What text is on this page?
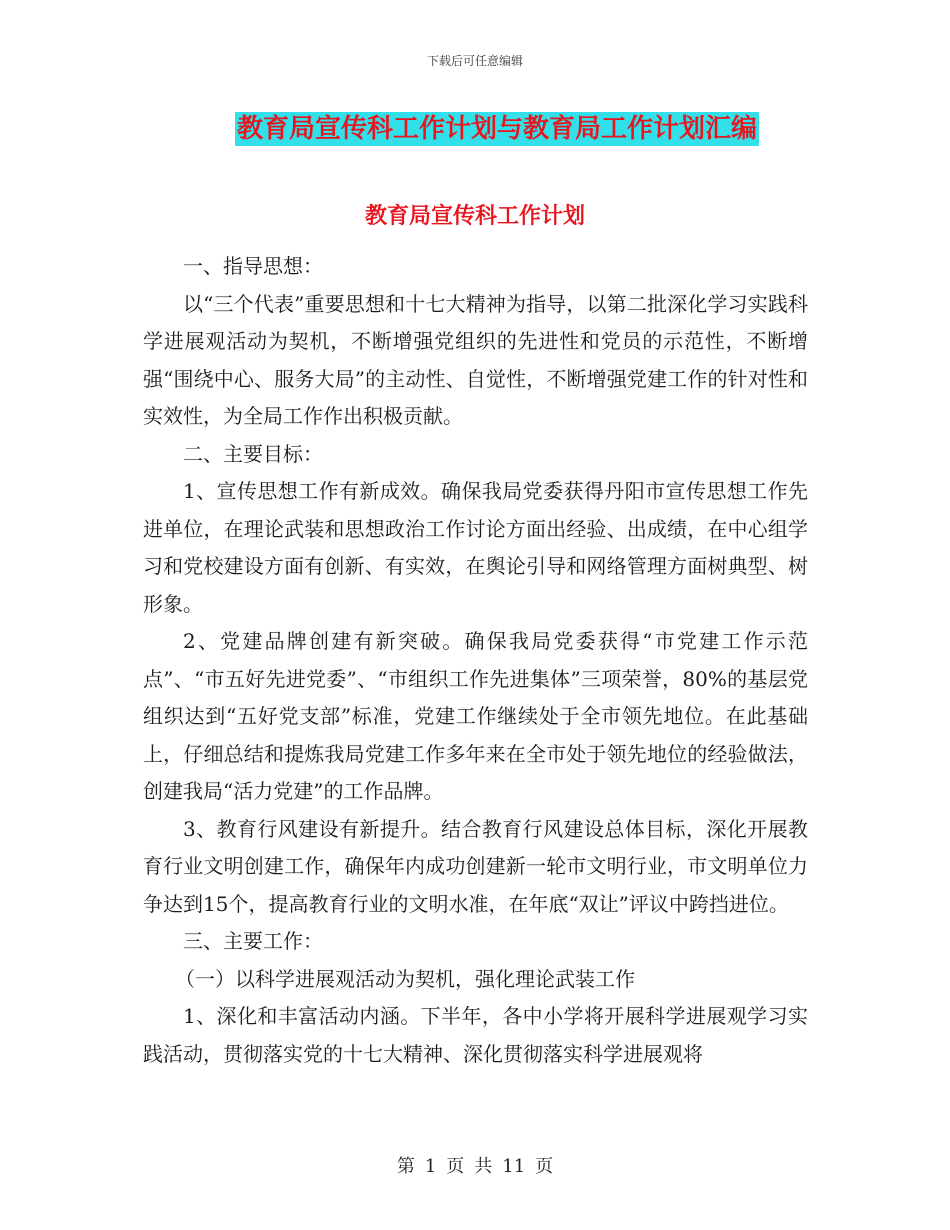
下载后可任意编辑
教育局宣传科工作计划与教育局工作计划汇编
教育局宣传科工作计划

一、指导思想：

以“三个代表”重要思想和十七大精神为指导，以第二批深化学习实践科学进展观活动为契机，不断增强党组织的先进性和党员的示范性，不断增强“围绕中心、服务大局”的主动性、自觉性，不断增强党建工作的针对性和实效性，为全局工作作出积极贡献。

二、主要目标：

1、宣传思想工作有新成效。确保我局党委获得丹阳市宣传思想工作先进单位，在理论武装和思想政治工作讨论方面出经验、出成绩，在中心组学习和党校建设方面有创新、有实效，在舆论引导和网络管理方面树典型、树形象。

2、党建品牌创建有新突破。确保我局党委获得“市党建工作示范点”、“市五好先进党委”、“市组织工作先进集体”三项荣誉，80%的基层党组织达到“五好党支部”标准，党建工作继续处于全市领先地位。在此基础上，仔细总结和提炼我局党建工作多年来在全市处于领先地位的经验做法，创建我局“活力党建”的工作品牌。

3、教育行风建设有新提升。结合教育行风建设总体目标，深化开展教育行业文明创建工作，确保年内成功创建新一轮市文明行业，市文明单位力争达到15个，提高教育行业的文明水准，在年底“双让”评议中跨挡进位。

三、主要工作：

（一）以科学进展观活动为契机，强化理论武装工作

1、深化和丰富活动内涵。下半年，各中小学将开展科学进展观学习实践活动，贯彻落实党的十七大精神、深化贯彻落实科学进展观将

第 1 页 共 11 页
